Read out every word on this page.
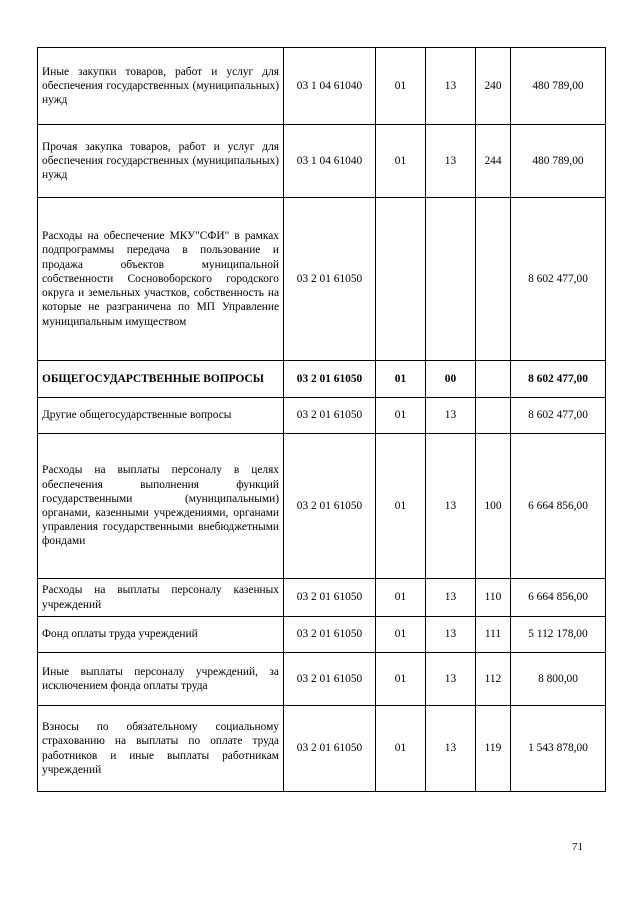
Иные закупки товаров, работ и услуг для обеспечения государственных (муниципальных) нужд	03 1 04 61040	01	13	240	480 789,00
Прочая закупка товаров, работ и услуг для обеспечения государственных (муниципальных) нужд	03 1 04 61040	01	13	244	480 789,00
Расходы на обеспечение МКУ"СФИ" в рамках подпрограммы передача в пользование и продажа объектов муниципальной собственности Сосновоборского городского округа и земельных участков, собственность на которые не разграничена по МП Управление муниципальным имуществом	03 2 01 61050				8 602 477,00
ОБЩЕГОСУДАРСТВЕННЫЕ ВОПРОСЫ	03 2 01 61050	01	00		8 602 477,00
Другие общегосударственные вопросы	03 2 01 61050	01	13		8 602 477,00
Расходы на выплаты персоналу в целях обеспечения выполнения функций государственными (муниципальными) органами, казенными учреждениями, органами управления государственными внебюджетными фондами	03 2 01 61050	01	13	100	6 664 856,00
Расходы на выплаты персоналу казенных учреждений	03 2 01 61050	01	13	110	6 664 856,00
Фонд оплаты труда учреждений	03 2 01 61050	01	13	111	5 112 178,00
Иные выплаты персоналу учреждений, за исключением фонда оплаты труда	03 2 01 61050	01	13	112	8 800,00
Взносы по обязательному социальному страхованию на выплаты по оплате труда работников и иные выплаты работникам учреждений	03 2 01 61050	01	13	119	1 543 878,00
71
